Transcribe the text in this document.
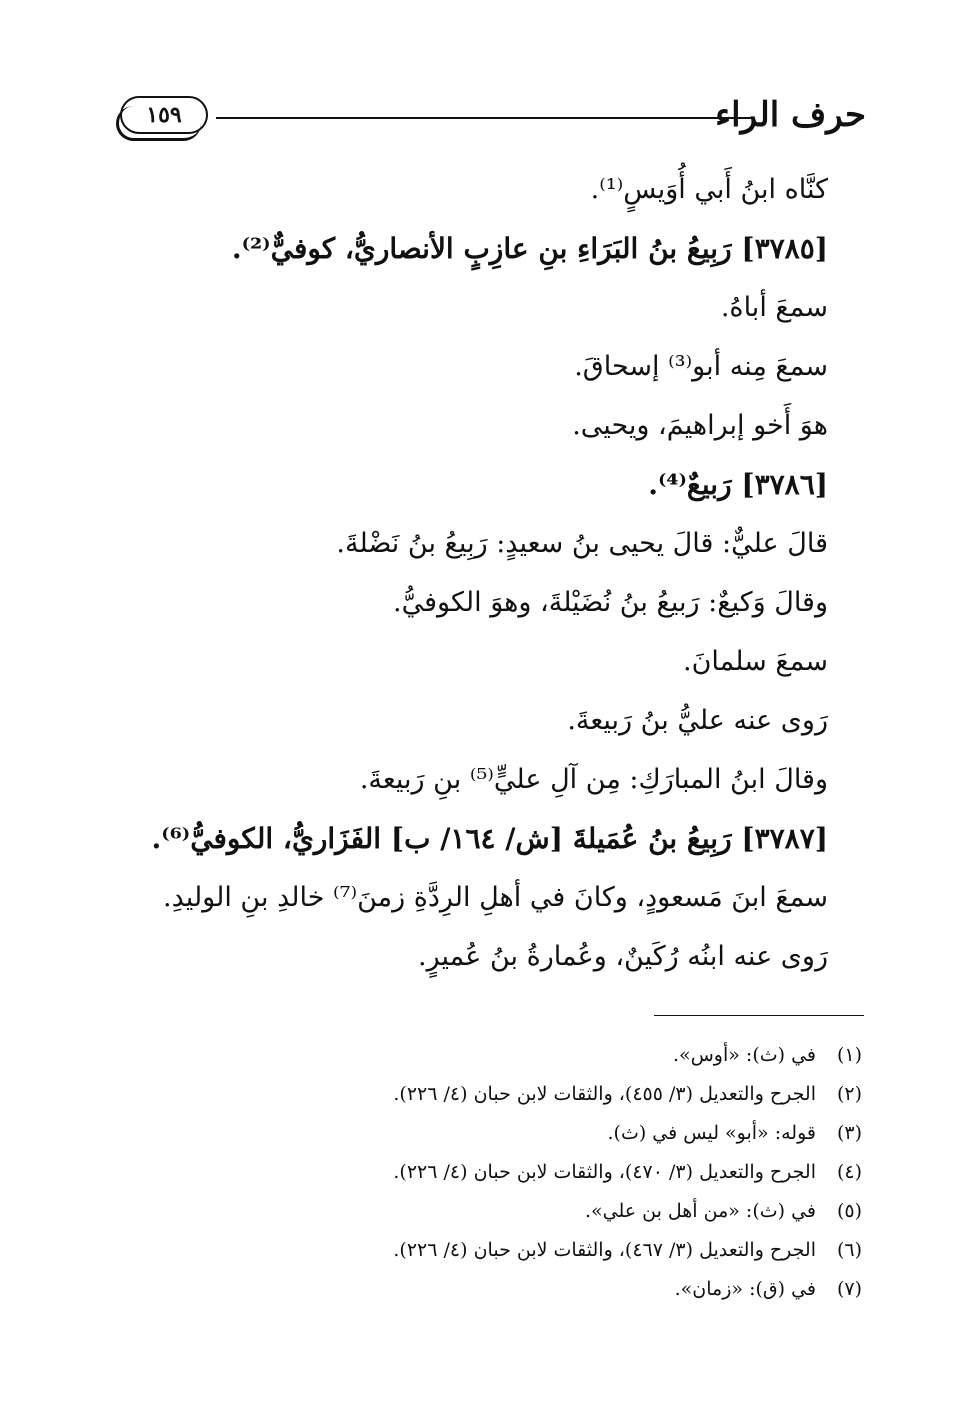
حرف الراء
١٥٩
كنَّاه ابنُ أَبي أُوَيسٍ⁽¹⁾.
[٣٧٨٥] رَبِيعُ بنُ البَرَاءِ بنِ عازِبٍ الأنصاريُّ، كوفيٌّ⁽²⁾.
سمعَ أباهُ.
سمعَ مِنه أبو⁽³⁾ إسحاقَ.
هوَ أَخو إبراهيمَ، ويحيى.
[٣٧٨٦] رَبيعٌ⁽⁴⁾.
قالَ عليٌّ: قالَ يحيى بنُ سعيدٍ: رَبِيعُ بنُ نَضْلةَ.
وقالَ وَكيعٌ: رَبيعُ بنُ نُضَيْلةَ، وهوَ الكوفيُّ.
سمعَ سلمانَ.
رَوى عنه عليُّ بنُ رَبيعةَ.
وقالَ ابنُ المبارَكِ: مِن آلِ عليٍّ⁽⁵⁾ بنِ رَبيعةَ.
[٣٧٨٧] رَبِيعُ بنُ عُمَيلةَ [ش/ ١٦٤/ ب] الفَزَاريُّ، الكوفيُّ⁽⁶⁾.
سمعَ ابنَ مَسعودٍ، وكانَ في أهلِ الرِدَّةِ زمنَ⁽⁷⁾ خالدِ بنِ الوليدِ.
رَوى عنه ابنُه رُكَينٌ، وعُمارةُ بنُ عُميرٍ.
(١)
في (ث): «أوس».
(٢)
الجرح والتعديل (٣/ ٤٥٥)، والثقات لابن حبان (٤/ ٢٢٦).
(٣)
قوله: «أبو» ليس في (ث).
(٤)
الجرح والتعديل (٣/ ٤٧٠)، والثقات لابن حبان (٤/ ٢٢٦).
(٥)
في (ث): «من أهل بن علي».
(٦)
الجرح والتعديل (٣/ ٤٦٧)، والثقات لابن حبان (٤/ ٢٢٦).
(٧)
في (ق): «زمان».
